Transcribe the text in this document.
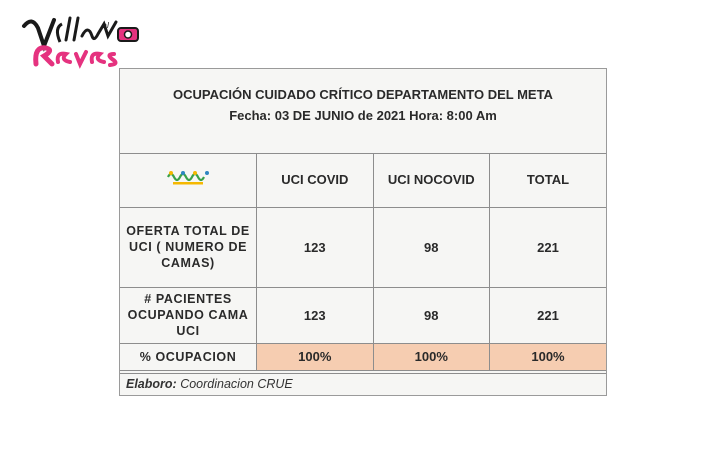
al
OCUPACIÓN CUIDADO CRÍTICO DEPARTAMENTO DEL META
Fecha: 03 DE JUNIO de 2021 Hora: 8:00 Am
	UCI COVID	UCI NOCOVID	TOTAL
OFERTA TOTAL DE UCI ( NUMERO DE CAMAS)	123	98	221
# PACIENTES OCUPANDO CAMA UCI	123	98	221
% OCUPACION	100%	100%	100%
Elaboro: Coordinacion CRUE
